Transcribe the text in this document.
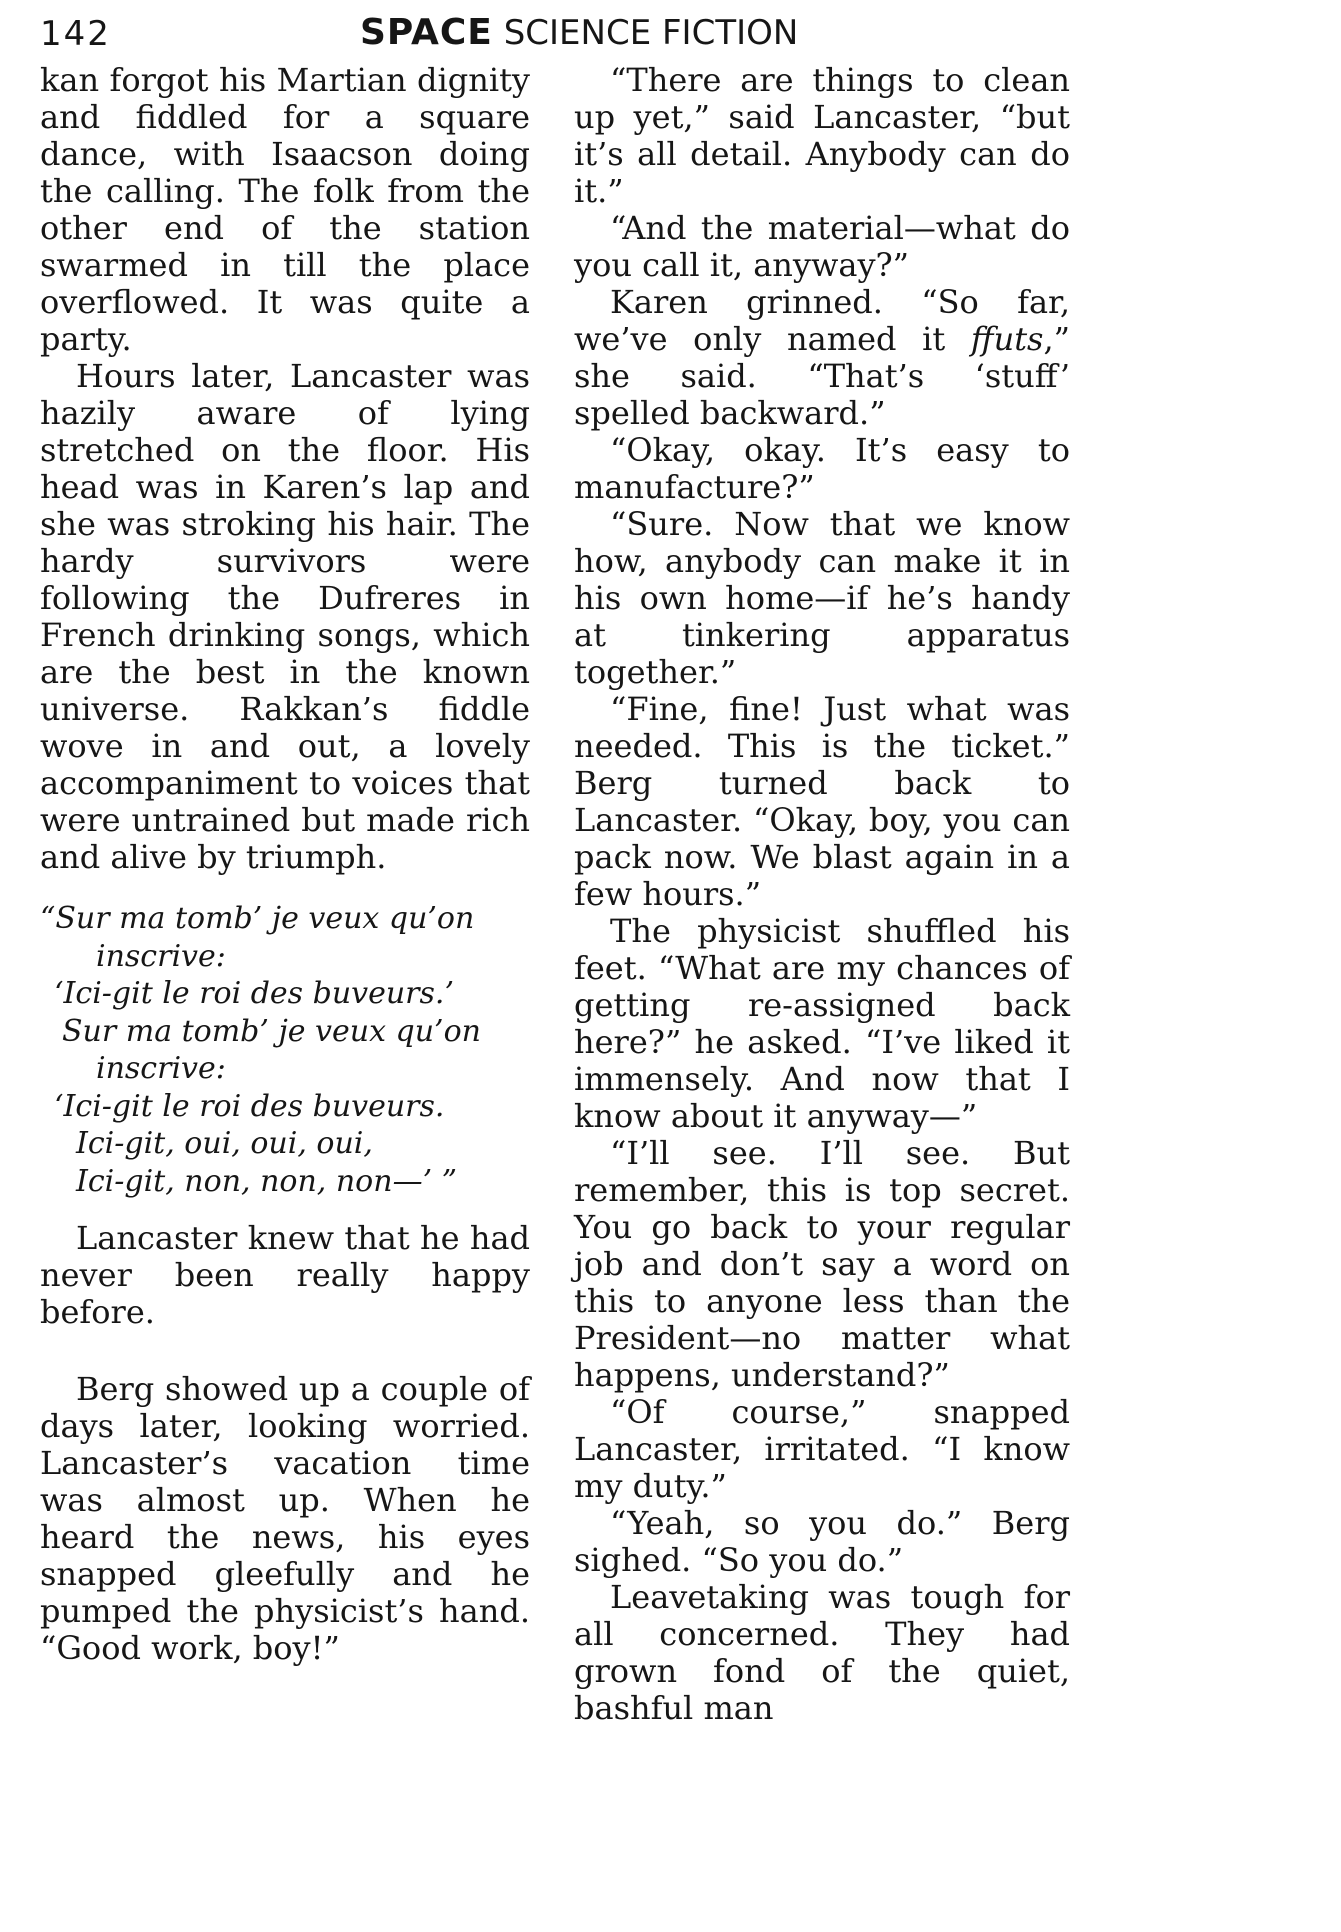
142	SPACE SCIENCE FICTION

kan forgot his Martian dignity and fiddled for a square dance, with Isaacson doing the calling. The folk from the other end of the station swarmed in till the place overflowed. It was quite a party.

Hours later, Lancaster was hazily aware of lying stretched on the floor. His head was in Karen’s lap and she was stroking his hair. The hardy survivors were following the Dufreres in French drinking songs, which are the best in the known universe. Rakkan’s fiddle wove in and out, a lovely accompaniment to voices that were untrained but made rich and alive by triumph.

“Sur ma tomb’ je veux qu’on
inscrive:
‘Ici-git le roi des buveurs.’
Sur ma tomb’ je veux qu’on
inscrive:
‘Ici-git le roi des buveurs.
Ici-git, oui, oui, oui,
Ici-git, non, non, non—’ ”

Lancaster knew that he had never been really happy before.

Berg showed up a couple of days later, looking worried. Lancaster’s vacation time was almost up. When he heard the news, his eyes snapped gleefully and he pumped the physicist’s hand. “Good work, boy!”

“There are things to clean up yet,” said Lancaster, “but it’s all detail. Anybody can do it.”

“And the material—what do you call it, anyway?”

Karen grinned. “So far, we’ve only named it ffuts,” she said. “That’s ‘stuff’ spelled backward.”

“Okay, okay. It’s easy to manufacture?”

“Sure. Now that we know how, anybody can make it in his own home—if he’s handy at tinkering apparatus together.”

“Fine, fine! Just what was needed. This is the ticket.” Berg turned back to Lancaster. “Okay, boy, you can pack now. We blast again in a few hours.”

The physicist shuffled his feet. “What are my chances of getting re-assigned back here?” he asked. “I’ve liked it immensely. And now that I know about it anyway—”

“I’ll see. I’ll see. But remember, this is top secret. You go back to your regular job and don’t say a word on this to anyone less than the President—no matter what happens, understand?”

“Of course,” snapped Lancaster, irritated. “I know my duty.”

“Yeah, so you do.” Berg sighed. “So you do.”

Leavetaking was tough for all concerned. They had grown fond of the quiet, bashful man
